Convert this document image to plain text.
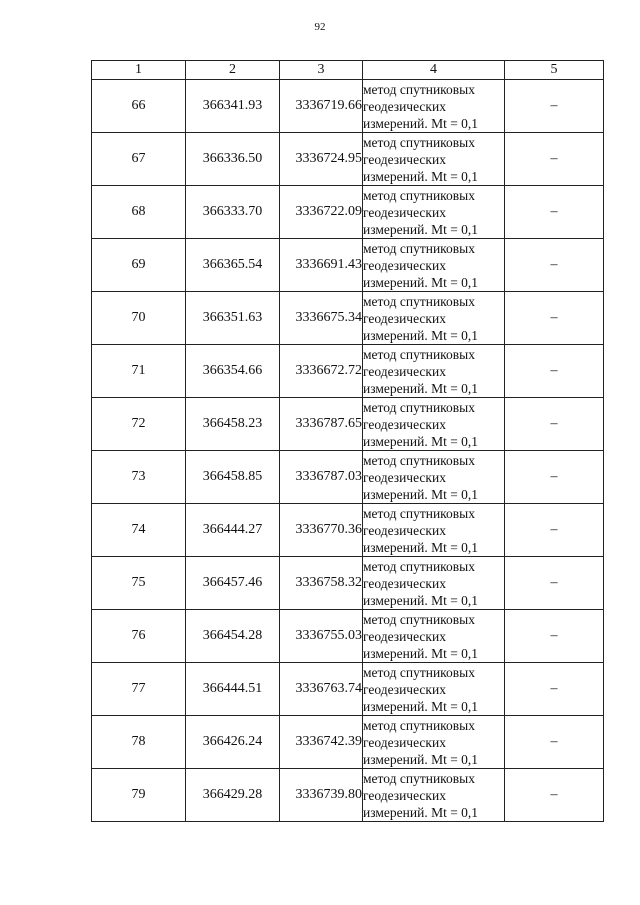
92
1	2	3	4	5
66	366341.93	3336719.66	метод спутниковых
геодезических
измерений. Mt = 0,1	–
67	366336.50	3336724.95	метод спутниковых
геодезических
измерений. Mt = 0,1	–
68	366333.70	3336722.09	метод спутниковых
геодезических
измерений. Mt = 0,1	–
69	366365.54	3336691.43	метод спутниковых
геодезических
измерений. Mt = 0,1	–
70	366351.63	3336675.34	метод спутниковых
геодезических
измерений. Mt = 0,1	–
71	366354.66	3336672.72	метод спутниковых
геодезических
измерений. Mt = 0,1	–
72	366458.23	3336787.65	метод спутниковых
геодезических
измерений. Mt = 0,1	–
73	366458.85	3336787.03	метод спутниковых
геодезических
измерений. Mt = 0,1	–
74	366444.27	3336770.36	метод спутниковых
геодезических
измерений. Mt = 0,1	–
75	366457.46	3336758.32	метод спутниковых
геодезических
измерений. Mt = 0,1	–
76	366454.28	3336755.03	метод спутниковых
геодезических
измерений. Mt = 0,1	–
77	366444.51	3336763.74	метод спутниковых
геодезических
измерений. Mt = 0,1	–
78	366426.24	3336742.39	метод спутниковых
геодезических
измерений. Mt = 0,1	–
79	366429.28	3336739.80	метод спутниковых
геодезических
измерений. Mt = 0,1	–
